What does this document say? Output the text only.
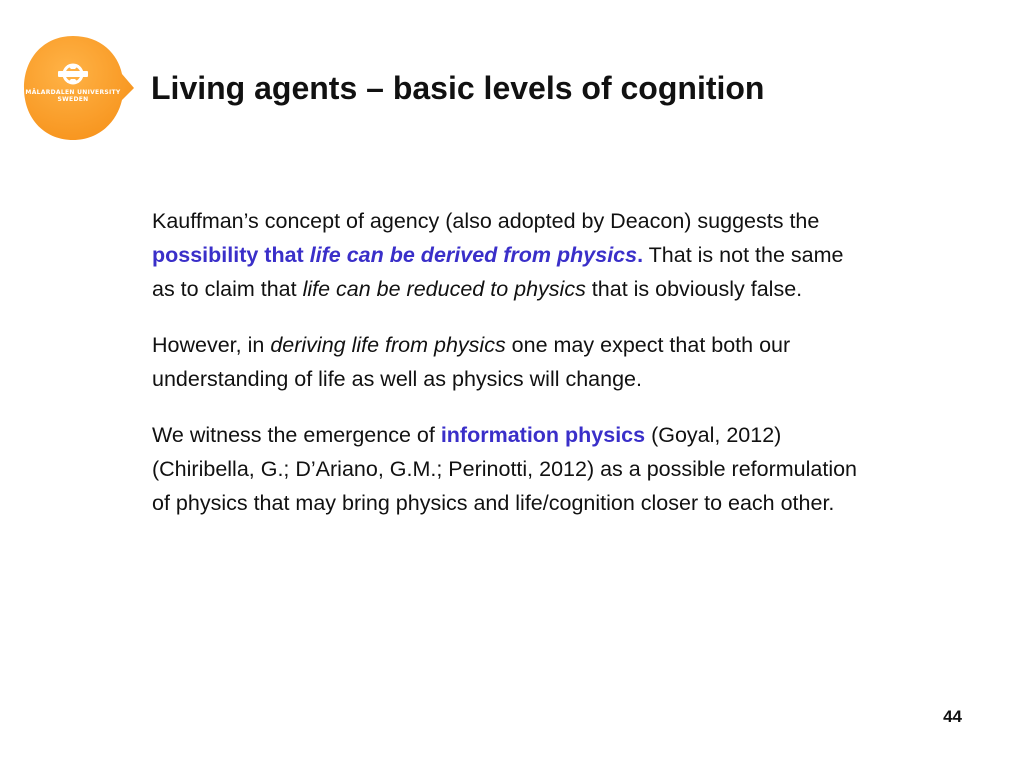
MÄLARDALEN UNIVERSITY
SWEDEN	Living agents – basic levels of cognition

Kauffman’s concept of agency (also adopted by Deacon) suggests the possibility that life can be derived from physics. That is not the same as to claim that life can be reduced to physics that is obviously false.

However, in deriving life from physics one may expect that both our understanding of life as well as physics will change.

We witness the emergence of information physics (Goyal, 2012) (Chiribella, G.; D’Ariano, G.M.; Perinotti, 2012) as a possible reformulation of physics that may bring physics and life/cognition closer to each other.

44
